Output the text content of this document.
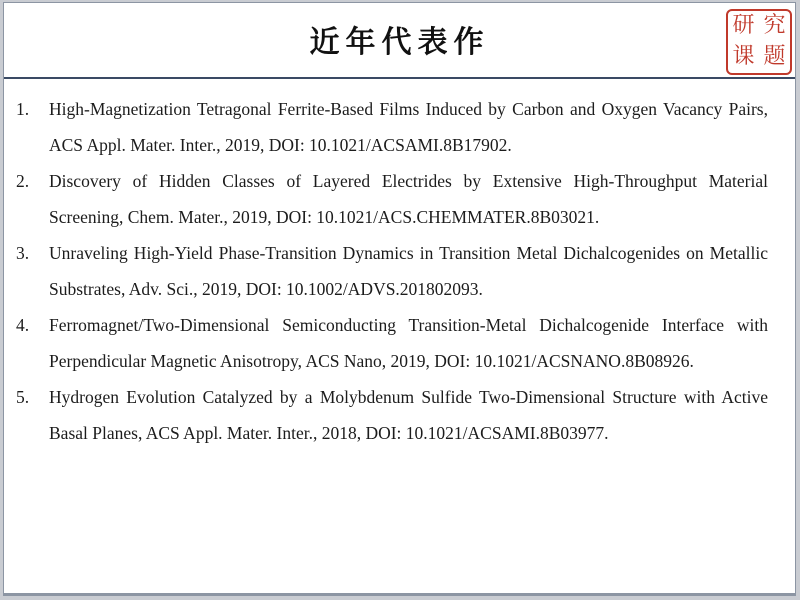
近年代表作	研 究
课 题
1. High-Magnetization Tetragonal Ferrite-Based Films Induced by Carbon and Oxygen Vacancy Pairs, ACS Appl. Mater. Inter., 2019, DOI: 10.1021/ACSAMI.8B17902.
2. Discovery of Hidden Classes of Layered Electrides by Extensive High-Throughput Material Screening, Chem. Mater., 2019, DOI: 10.1021/ACS.CHEMMATER.8B03021.
3. Unraveling High-Yield Phase-Transition Dynamics in Transition Metal Dichalcogenides on Metallic Substrates, Adv. Sci., 2019, DOI: 10.1002/ADVS.201802093.
4. Ferromagnet/Two-Dimensional Semiconducting Transition-Metal Dichalcogenide Interface with Perpendicular Magnetic Anisotropy, ACS Nano, 2019, DOI: 10.1021/ACSNANO.8B08926.
5. Hydrogen Evolution Catalyzed by a Molybdenum Sulfide Two-Dimensional Structure with Active Basal Planes, ACS Appl. Mater. Inter., 2018, DOI: 10.1021/ACSAMI.8B03977.
